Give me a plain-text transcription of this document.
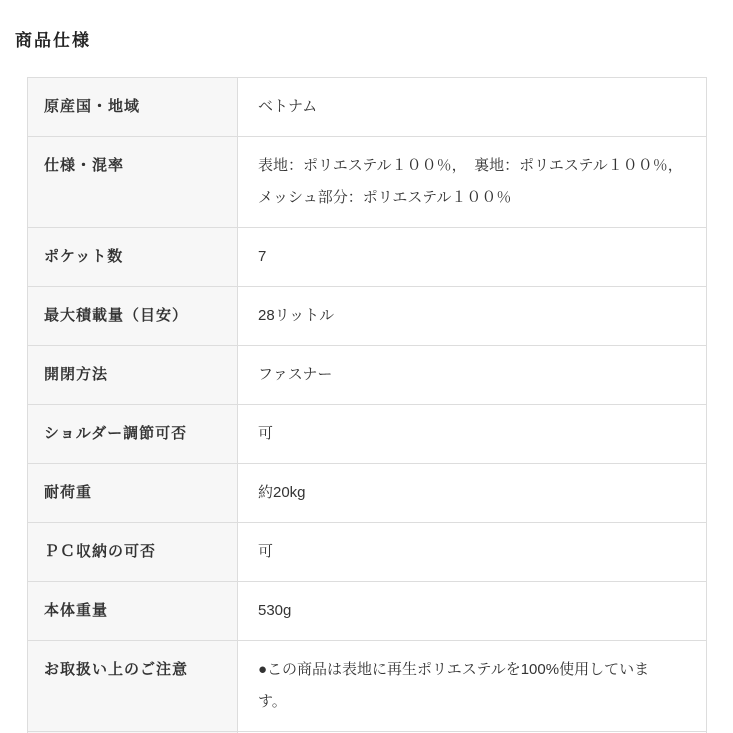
商品仕様
原産国・地域	ベトナム
仕様・混率	表地：ポリエステル１００％，　裏地：ポリエステル１００％，
メッシュ部分：ポリエステル１００％
ポケット数	7
最大積載量（目安）	28リットル
開閉方法	ファスナー
ショルダー調節可否	可
耐荷重	約20kg
ＰＣ収納の可否	可
本体重量	530g
お取扱い上のご注意	●この商品は表地に再生ポリエステルを100%使用していま
す。
